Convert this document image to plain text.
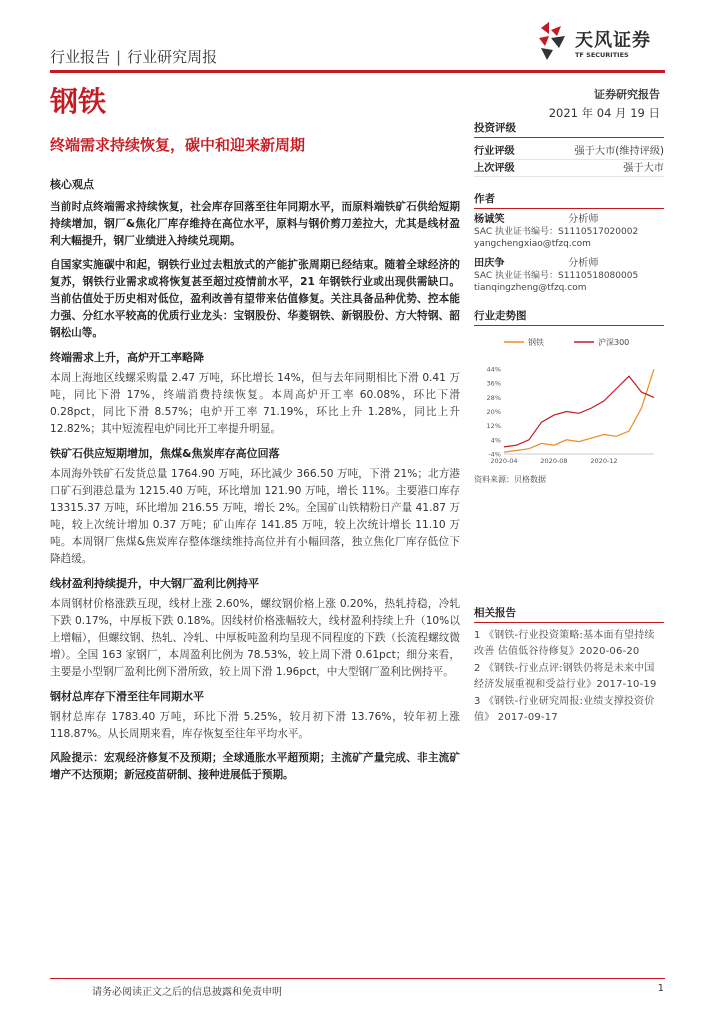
天风证券
TF SECURITIES
行业报告 | 行业研究周报
钢铁	证券研究报告
2021 年 04 月 19 日
终端需求持续恢复，碳中和迎来新周期

核心观点

当前时点终端需求持续恢复，社会库存回落至往年同期水平，而原料端铁矿石供给短期持续增加，钢厂&焦化厂库存维持在高位水平，原料与钢价剪刀差拉大，尤其是线材盈利大幅提升，钢厂业绩进入持续兑现期。

自国家实施碳中和起，钢铁行业过去粗放式的产能扩张周期已经结束。随着全球经济的复苏，钢铁行业需求或将恢复甚至超过疫情前水平，21 年钢铁行业或出现供需缺口。当前估值处于历史相对低位，盈利改善有望带来估值修复。关注具备品种优势、控本能力强、分红水平较高的优质行业龙头：宝钢股份、华菱钢铁、新钢股份、方大特钢、韶钢松山等。

终端需求上升，高炉开工率略降

本周上海地区线螺采购量 2.47 万吨，环比增长 14%，但与去年同期相比下滑 0.41 万吨，同比下滑 17%，终端消费持续恢复。本周高炉开工率 60.08%，环比下滑 0.28pct，同比下滑 8.57%；电炉开工率 71.19%，环比上升 1.28%，同比上升 12.82%；其中短流程电炉同比开工率提升明显。

铁矿石供应短期增加，焦煤&焦炭库存高位回落

本周海外铁矿石发货总量 1764.90 万吨，环比减少 366.50 万吨，下滑 21%；北方港口矿石到港总量为 1215.40 万吨，环比增加 121.90 万吨，增长 11%。主要港口库存 13315.37 万吨，环比增加 216.55 万吨，增长 2%。全国矿山铁精粉日产量 41.87 万吨，较上次统计增加 0.37 万吨；矿山库存 141.85 万吨，较上次统计增长 11.10 万吨。本周钢厂焦煤&焦炭库存整体继续维持高位并有小幅回落，独立焦化厂库存低位下降趋缓。

线材盈利持续提升，中大钢厂盈利比例持平

本周钢材价格涨跌互现，线材上涨 2.60%，螺纹钢价格上涨 0.20%，热轧持稳，冷轧下跌 0.17%，中厚板下跌 0.18%。因线材价格涨幅较大，线材盈利持续上升（10%以上增幅），但螺纹钢、热轧、冷轧、中厚板吨盈利均呈现不同程度的下跌（长流程螺纹微增）。全国 163 家钢厂，本周盈利比例为 78.53%，较上周下滑 0.61pct；细分来看，主要是小型钢厂盈利比例下滑所致，较上周下滑 1.96pct，中大型钢厂盈利比例持平。

钢材总库存下滑至往年同期水平

钢材总库存 1783.40 万吨，环比下滑 5.25%，较月初下滑 13.76%，较年初上涨 118.87%。从长周期来看，库存恢复至往年平均水平。

风险提示：宏观经济修复不及预期；全球通胀水平超预期；主流矿产量完成、非主流矿增产不达预期；新冠疫苗研制、接种进展低于预期。

投资评级
行业评级	强于大市(维持评级)
上次评级	强于大市
作者
杨诚笑	分析师
SAC 执业证书编号：S1110517020002
yangchengxiao@tfzq.com
田庆争	分析师
SAC 执业证书编号：S1110518080005
tianqingzheng@tfzq.com
行业走势图
钢铁	沪深300
-4%
4%
12%
20%
28%
36%
44%
2020-04	2020-08	2020-12
资料来源：贝格数据
相关报告
1 《钢铁-行业投资策略:基本面有望持续改善 估值低谷待修复》2020-06-20
2 《钢铁-行业点评:钢铁仍将是未来中国经济发展重视和受益行业》2017-10-19
3 《钢铁-行业研究周报:业绩支撑投资价值》 2017-09-17
请务必阅读正文之后的信息披露和免责申明	1
